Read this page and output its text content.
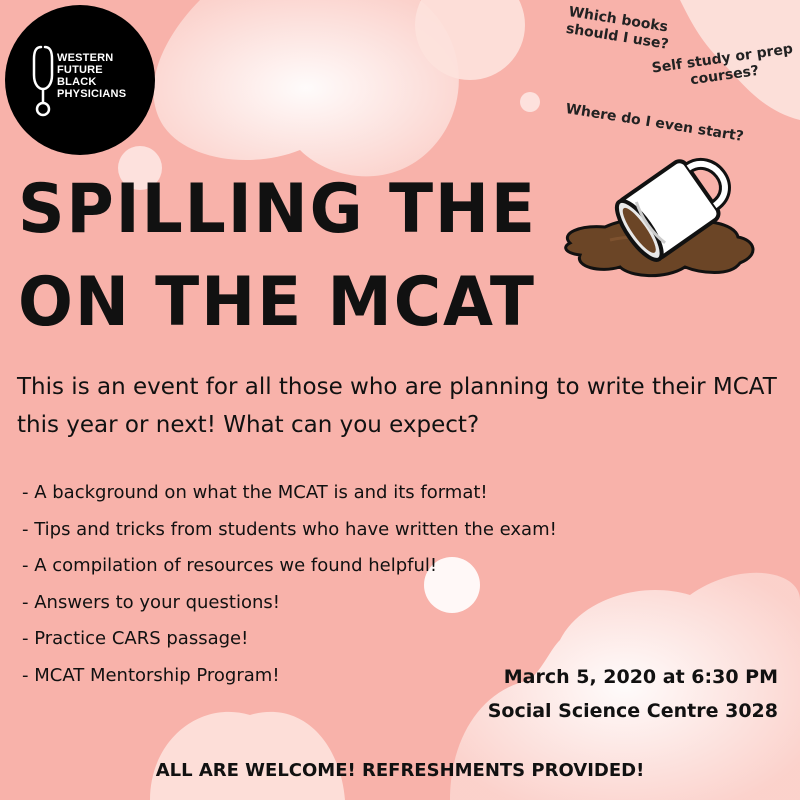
WESTERN
FUTURE
BLACK
PHYSICIANS
Which books should I use?
Self study or prep courses?
Where do I even start?
SPILLING THE
ON THE MCAT
This is an event for all those who are planning to write their MCAT this year or next! What can you expect?
- A background on what the MCAT is and its format!
- Tips and tricks from students who have written the exam!
- A compilation of resources we found helpful!
- Answers to your questions!
- Practice CARS passage!
- MCAT Mentorship Program!	March 5, 2020 at 6:30 PM
Social Science Centre 3028
ALL ARE WELCOME! REFRESHMENTS PROVIDED!
